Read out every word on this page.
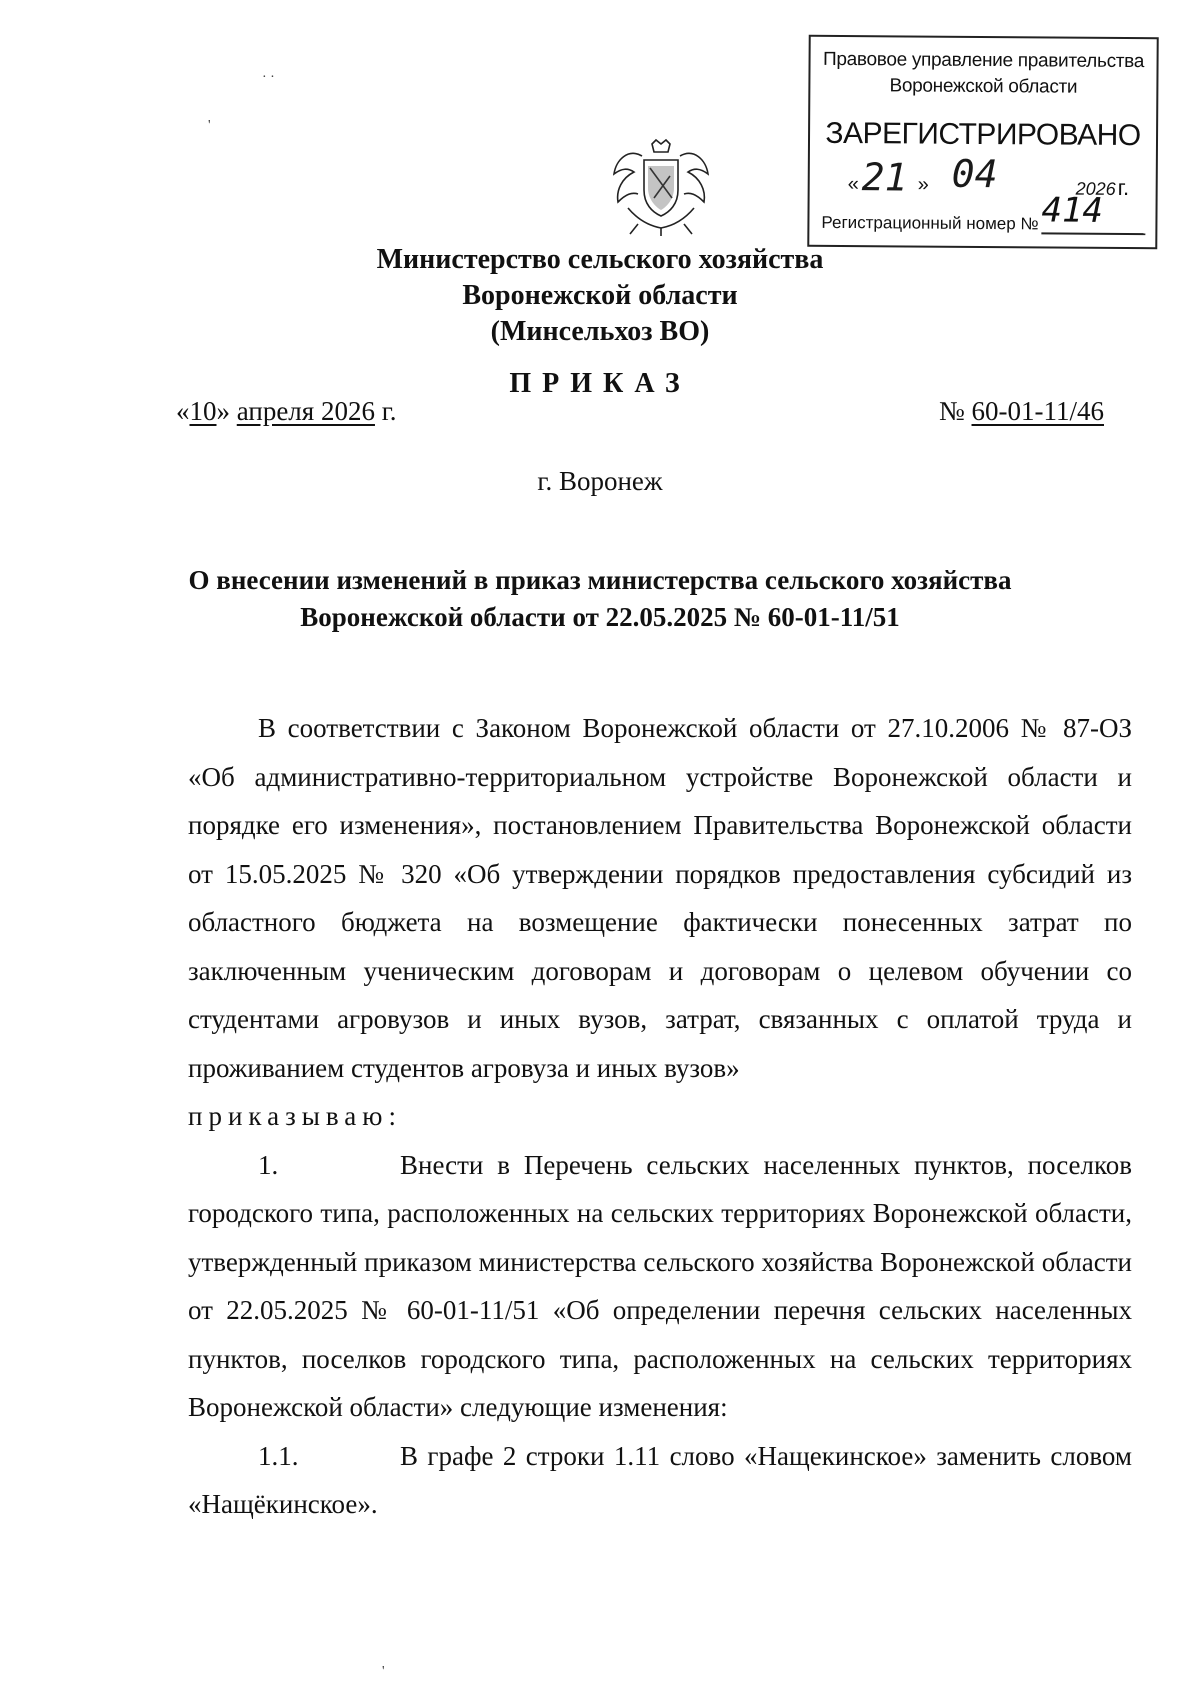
· ·
'
Правовое управление правительства
Воронежской области
ЗАРЕГИСТРИРОВАНО
« 21 » 04	2026 г.
Регистрационный номер № 414
Министерство сельского хозяйства
Воронежской области
(Минсельхоз ВО)
ПРИКАЗ
«10» апреля 2026 г.	№ 60-01-11/46
г. Воронеж
О внесении изменений в приказ министерства сельского хозяйства
Воронежской области от 22.05.2025 № 60-01-11/51

В соответствии с Законом Воронежской области от 27.10.2006 № 87-ОЗ «Об административно-территориальном устройстве Воронежской области и порядке его изменения», постановлением Правительства Воронежской области от 15.05.2025 № 320 «Об утверждении порядков предоставления субсидий из областного бюджета на возмещение фактически понесенных затрат по заключенным ученическим договорам и договорам о целевом обучении со студентами агровузов и иных вузов, затрат, связанных с оплатой труда и проживанием студентов агровуза и иных вузов»

приказываю:

1.	Внести в Перечень сельских населенных пунктов, поселков городского типа, расположенных на сельских территориях Воронежской области, утвержденный приказом министерства сельского хозяйства Воронежской области от 22.05.2025 № 60-01-11/51 «Об определении перечня сельских населенных пунктов, поселков городского типа, расположенных на сельских территориях Воронежской области» следующие изменения:

1.1.	В графе 2 строки 1.11 слово «Нащекинское» заменить словом «Нащёкинское».

'
